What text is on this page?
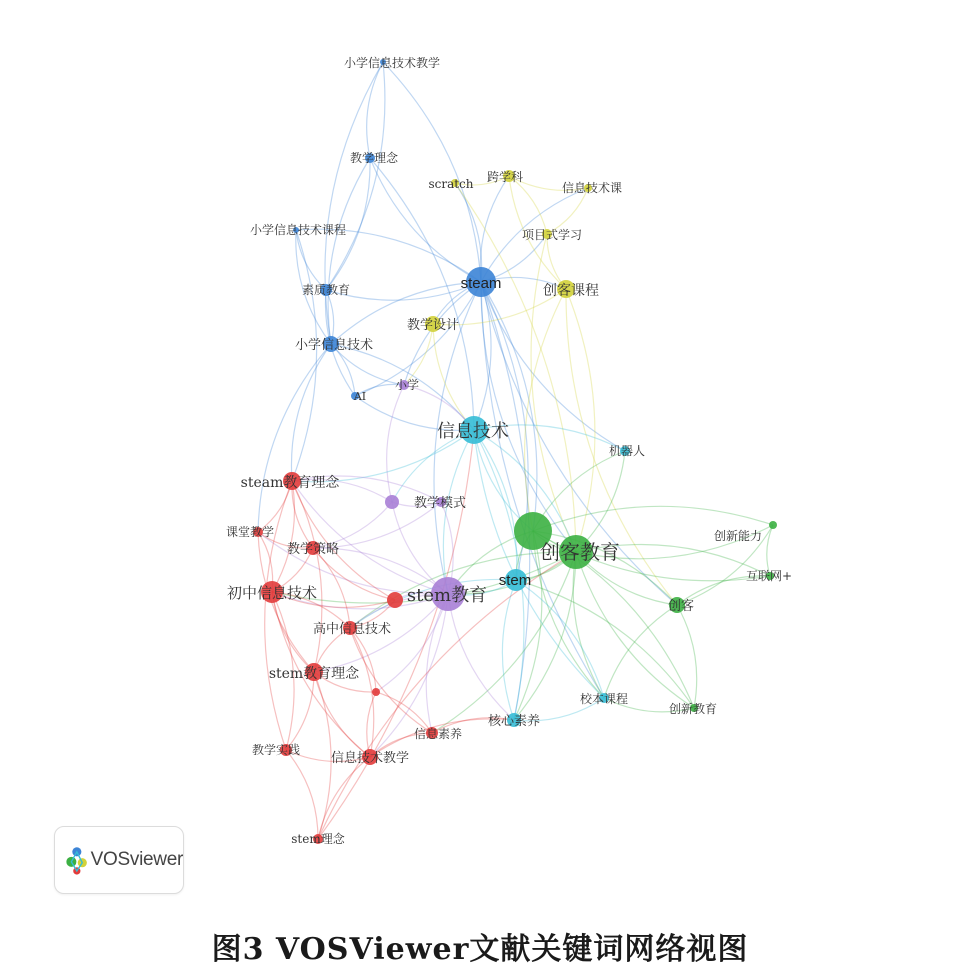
小学信息技术教学
教学理念
scratch 跨学科
信息技术课
小学信息技术课程	项目式学习
steam
素质教育	创客课程
教学设计
小学信息技术
AI
小学
信息技术
机器人
steam教育理念
教学模式
创客教育
创新能力
课堂教学
教学策略
互联网+
stem
stem教育
初中信息技术
创客
高中信息技术
stem教育理念
校本课程
创新教育
核心素养
信息素养
教学实践
信息技术教学
stem理念
VOSviewer
图3 VOSViewer文献关键词网络视图
